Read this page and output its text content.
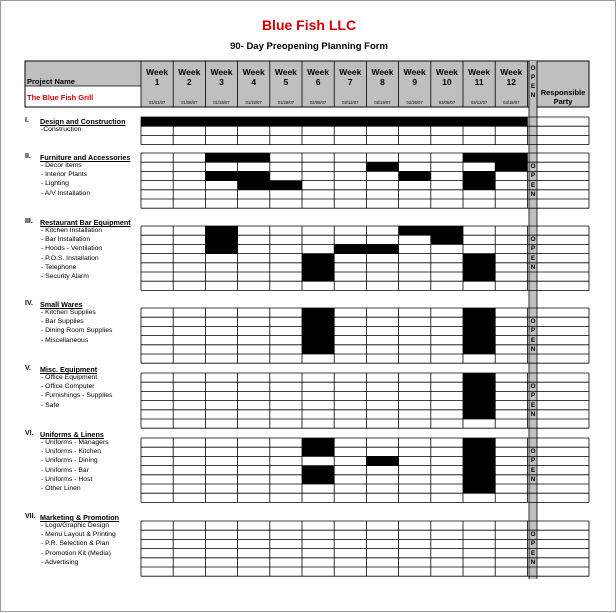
Blue Fish LLC
90- Day Preopening Planning Form
Project Name
The Blue Fish Grill
Responsible Party
Week
1
01/01/07
Week
2
01/08/07
Week
3
01/15/07
Week
4
01/22/07
Week
5
01/29/07
Week
6
02/05/07
Week
7
02/12/07
Week
8
02/19/07
Week
9
02/26/07
Week
10
03/05/07
Week
11
03/12/07
Week
12
03/19/07
O
P
E
N
I. Design and Construction
-Construction
II. Furniture and Accessories
- Décor Items
- Interior Plants
- Lighting
- A/V Installation
O
P
E
N
III. Restaurant Bar Equipment
- Kitchen Installation
- Bar Installation
- Hoods - Ventilation
- P.O.S. Installation
- Telephone
- Security Alarm
O
P
E
N
IV. Small Wares
- Kitchen Supplies
- Bar Supplies
- Dining Room Supplies
- Miscellaneous
O
P
E
N
V. Misc. Equipment
- Office Equipment
- Office Computer
- Furnishings - Supplies
- Safe
O
P
E
N
VI. Uniforms & Linens
- Uniforms - Managers
- Uniforms - Kitchen
- Uniforms - Dining
- Uniforms - Bar
- Uniforms - Host
- Other Linen
O
P
E
N
VII. Marketing & Promotion
- Logo/Graphic Design
- Menu Layout & Printing
- P.R. Selection & Plan
- Promotion Kit (Media)
- Advertising
O
P
E
N
